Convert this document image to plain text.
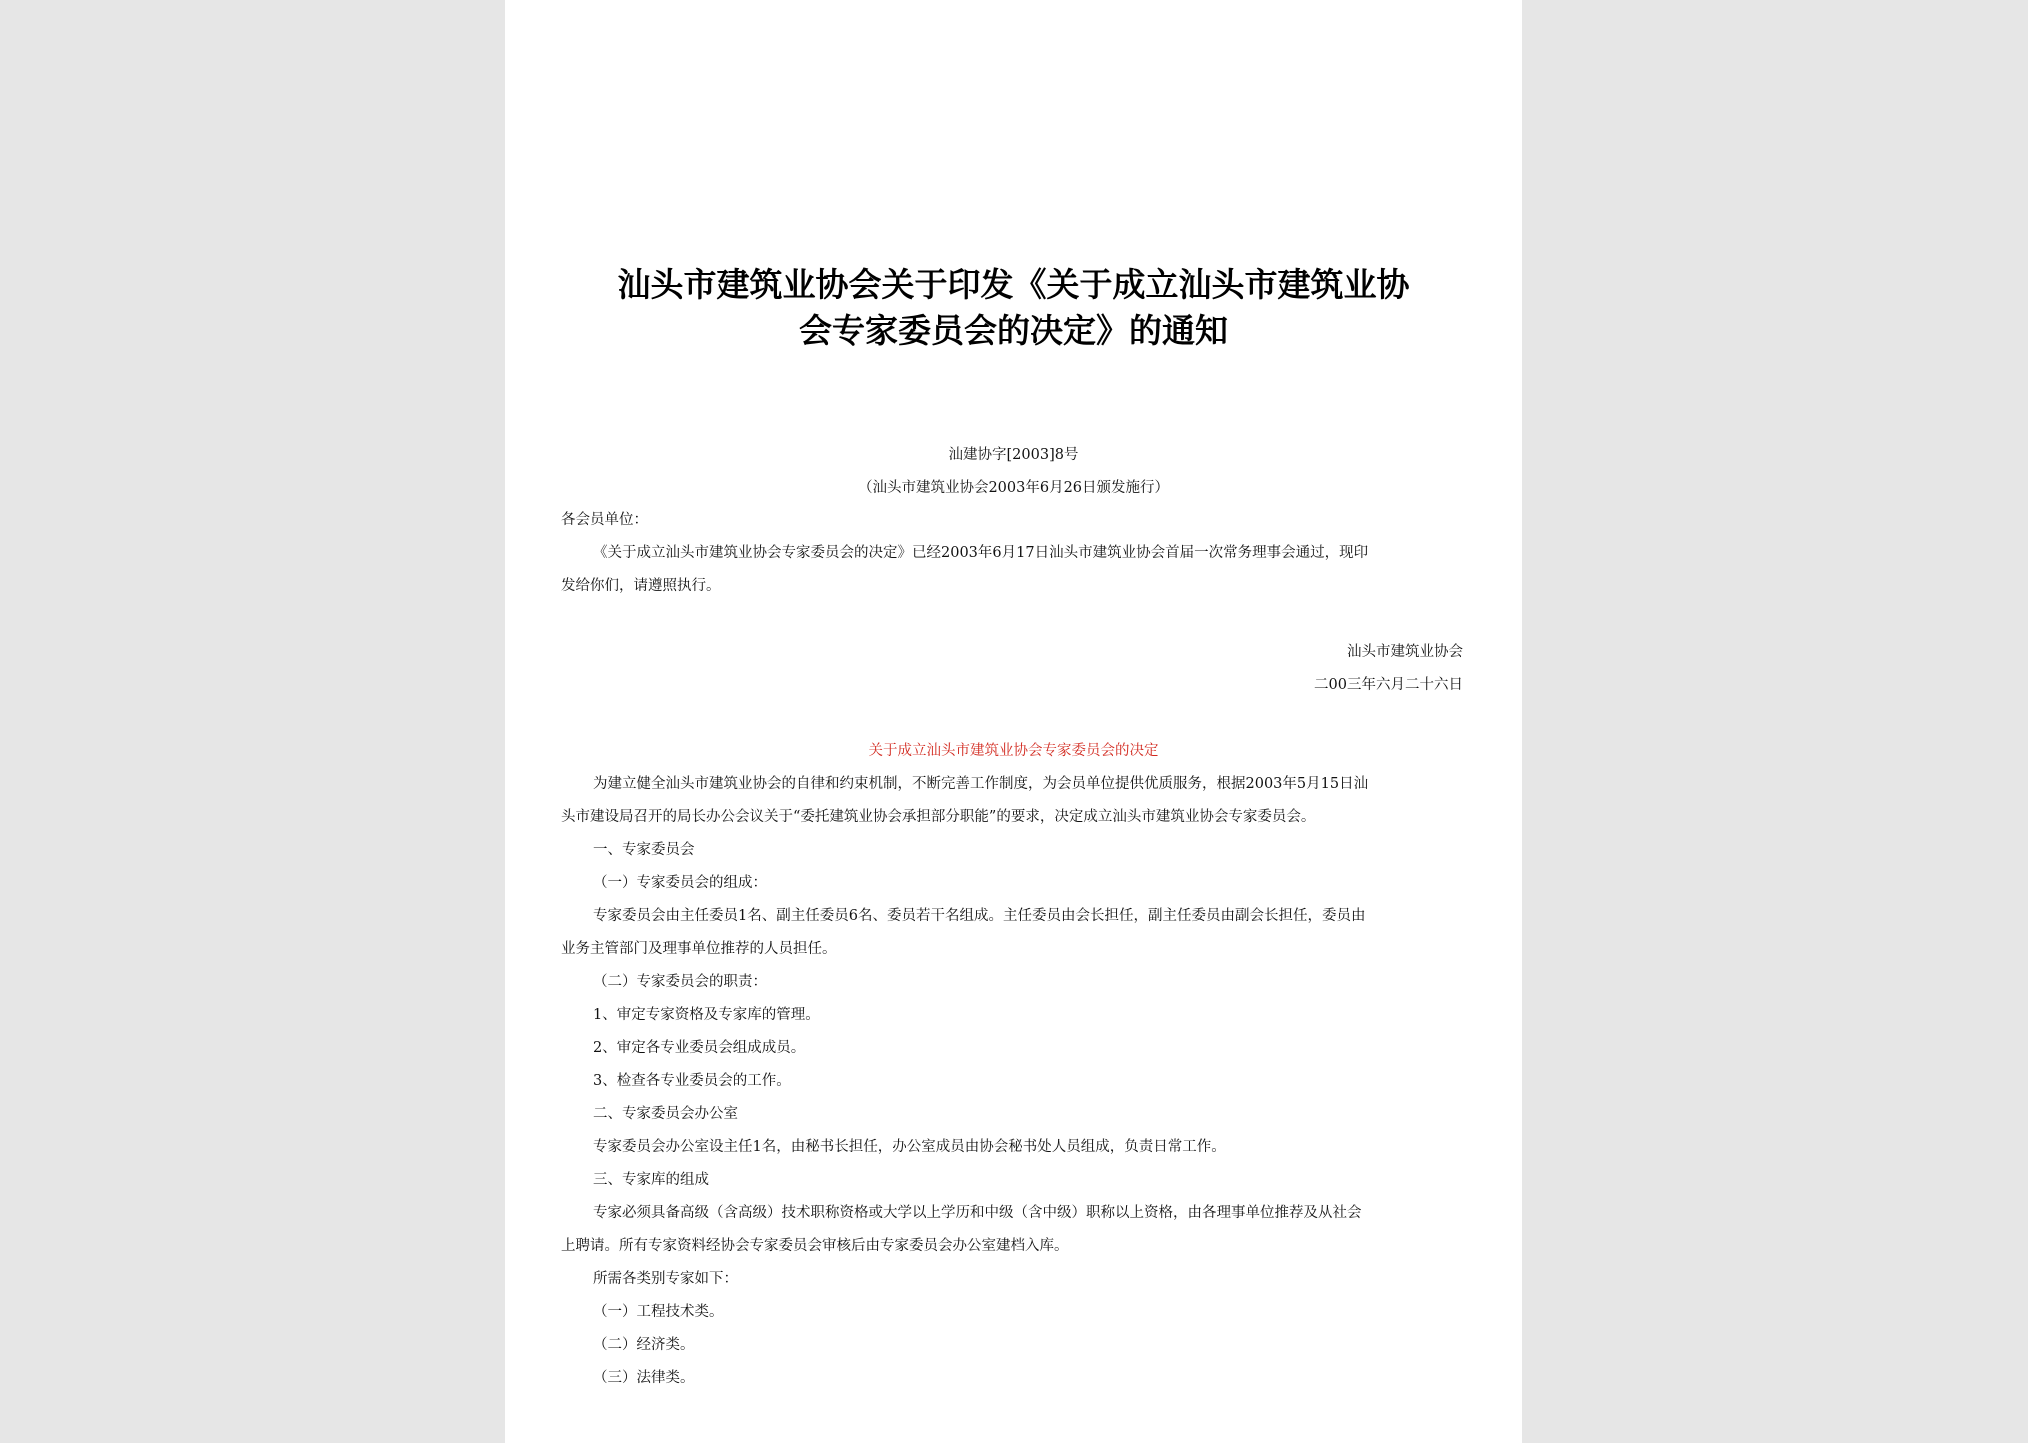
汕头市建筑业协会关于印发《关于成立汕头市建筑业协
会专家委员会的决定》的通知
汕建协字[2003]8号
（汕头市建筑业协会2003年6月26日颁发施行）
各会员单位：
《关于成立汕头市建筑业协会专家委员会的决定》已经2003年6月17日汕头市建筑业协会首届一次常务理事会通过，现印
发给你们，请遵照执行。
汕头市建筑业协会
二00三年六月二十六日
关于成立汕头市建筑业协会专家委员会的决定
为建立健全汕头市建筑业协会的自律和约束机制，不断完善工作制度，为会员单位提供优质服务，根据2003年5月15日汕
头市建设局召开的局长办公会议关于“委托建筑业协会承担部分职能”的要求，决定成立汕头市建筑业协会专家委员会。
一、专家委员会
（一）专家委员会的组成：
专家委员会由主任委员1名、副主任委员6名、委员若干名组成。主任委员由会长担任，副主任委员由副会长担任，委员由
业务主管部门及理事单位推荐的人员担任。
（二）专家委员会的职责：
1、审定专家资格及专家库的管理。
2、审定各专业委员会组成成员。
3、检查各专业委员会的工作。
二、专家委员会办公室
专家委员会办公室设主任1名，由秘书长担任，办公室成员由协会秘书处人员组成，负责日常工作。
三、专家库的组成
专家必须具备高级（含高级）技术职称资格或大学以上学历和中级（含中级）职称以上资格，由各理事单位推荐及从社会
上聘请。所有专家资料经协会专家委员会审核后由专家委员会办公室建档入库。
所需各类别专家如下：
（一）工程技术类。
（二）经济类。
（三）法律类。
